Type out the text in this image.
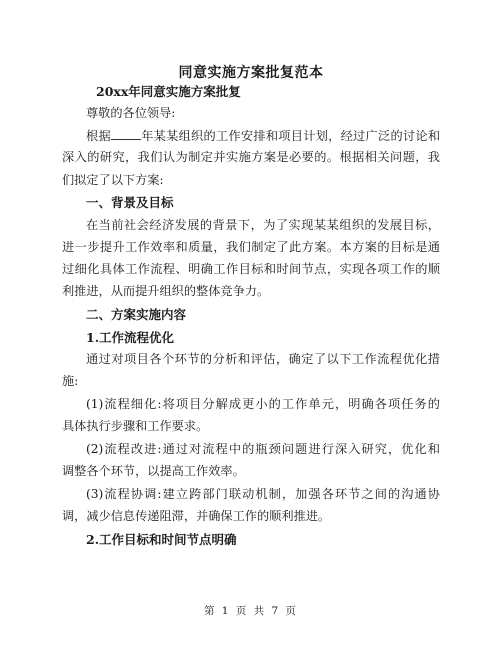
同意实施方案批复范本
20xx年同意实施方案批复
尊敬的各位领导:
根据 年某某组织的工作安排和项目计划，经过广泛的讨论和
深入的研究，我们认为制定并实施方案是必要的。根据相关问题，我
们拟定了以下方案:
一、背景及目标
在当前社会经济发展的背景下，为了实现某某组织的发展目标，
进一步提升工作效率和质量，我们制定了此方案。本方案的目标是通
过细化具体工作流程、明确工作目标和时间节点，实现各项工作的顺
利推进，从而提升组织的整体竞争力。
二、方案实施内容
1.工作流程优化
通过对项目各个环节的分析和评估，确定了以下工作流程优化措
施:
(1)流程细化:将项目分解成更小的工作单元，明确各项任务的
具体执行步骤和工作要求。
(2)流程改进:通过对流程中的瓶颈问题进行深入研究，优化和
调整各个环节，以提高工作效率。
(3)流程协调:建立跨部门联动机制，加强各环节之间的沟通协
调，减少信息传递阻滞，并确保工作的顺利推进。
2.工作目标和时间节点明确
第 1 页 共 7 页
